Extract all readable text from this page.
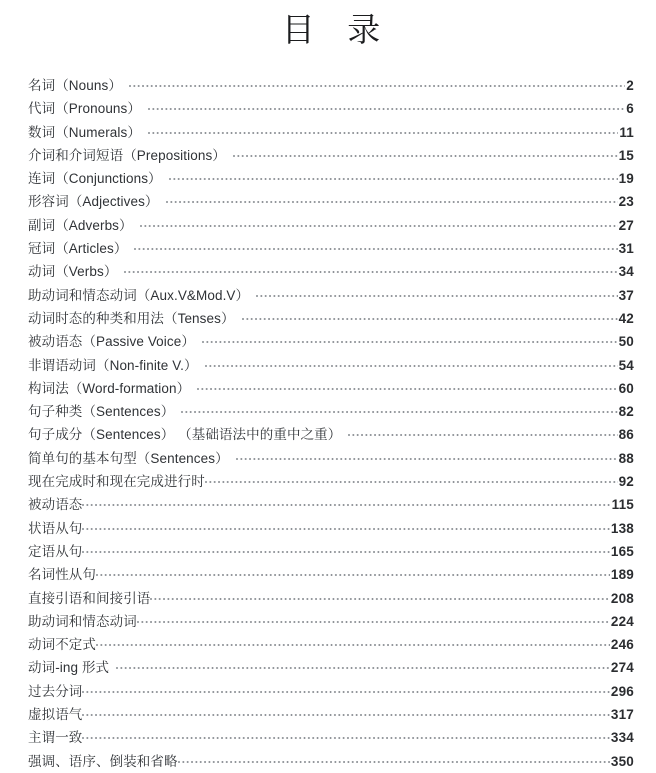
目 录
名词（Nouns）	2
代词（Pronouns）	6
数词（Numerals）	11
介词和介词短语（Prepositions）	15
连词（Conjunctions）	19
形容词（Adjectives）	23
副词（Adverbs）	27
冠词（Articles）	31
动词（Verbs）	34
助动词和情态动词（Aux.V&Mod.V）	37
动词时态的种类和用法（Tenses）	42
被动语态（Passive Voice）	50
非谓语动词（Non-finite V.）	54
构词法（Word-formation）	60
句子种类（Sentences）	82
句子成分（Sentences） （基础语法中的重中之重）	86
简单句的基本句型（Sentences）	88
现在完成时和现在完成进行时	92
被动语态	115
状语从句	138
定语从句	165
名词性从句	189
直接引语和间接引语	208
助动词和情态动词	224
动词不定式	246
动词-ing 形式	274
过去分词	296
虚拟语气	317
主谓一致	334
强调、语序、倒装和省略	350
